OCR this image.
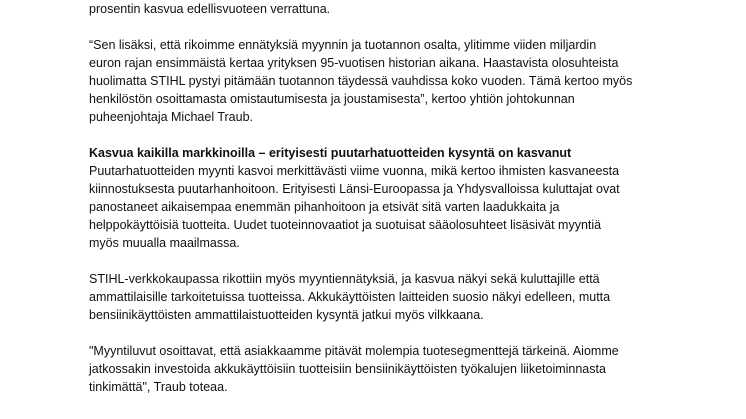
prosentin kasvua edellisvuoteen verrattuna.
“Sen lisäksi, että rikoimme ennätyksiä myynnin ja tuotannon osalta, ylitimme viiden miljardin
euron rajan ensimmäistä kertaa yrityksen 95-vuotisen historian aikana. Haastavista olosuhteista
huolimatta STIHL pystyi pitämään tuotannon täydessä vauhdissa koko vuoden. Tämä kertoo myös
henkilöstön osoittamasta omistautumisesta ja joustamisesta”, kertoo yhtiön johtokunnan
puheenjohtaja Michael Traub.
Kasvua kaikilla markkinoilla – erityisesti puutarhatuotteiden kysyntä on kasvanut
Puutarhatuotteiden myynti kasvoi merkittävästi viime vuonna, mikä kertoo ihmisten kasvaneesta
kiinnostuksesta puutarhanhoitoon. Erityisesti Länsi-Euroopassa ja Yhdysvalloissa kuluttajat ovat
panostaneet aikaisempaa enemmän pihanhoitoon ja etsivät sitä varten laadukkaita ja
helppokäyttöisiä tuotteita. Uudet tuoteinnovaatiot ja suotuisat sääolosuhteet lisäsivät myyntiä
myös muualla maailmassa.
STIHL-verkkokaupassa rikottiin myös myyntiennätyksiä, ja kasvua näkyi sekä kuluttajille että
ammattilaisille tarkoitetuissa tuotteissa. Akkukäyttöisten laitteiden suosio näkyi edelleen, mutta
bensiinikäyttöisten ammattilaistuotteiden kysyntä jatkui myös vilkkaana.
"Myyntiluvut osoittavat, että asiakkaamme pitävät molempia tuotesegmenttejä tärkeinä. Aiomme
jatkossakin investoida akkukäyttöisiin tuotteisiin bensiinikäyttöisten työkalujen liiketoiminnasta
tinkimättä", Traub toteaa.
